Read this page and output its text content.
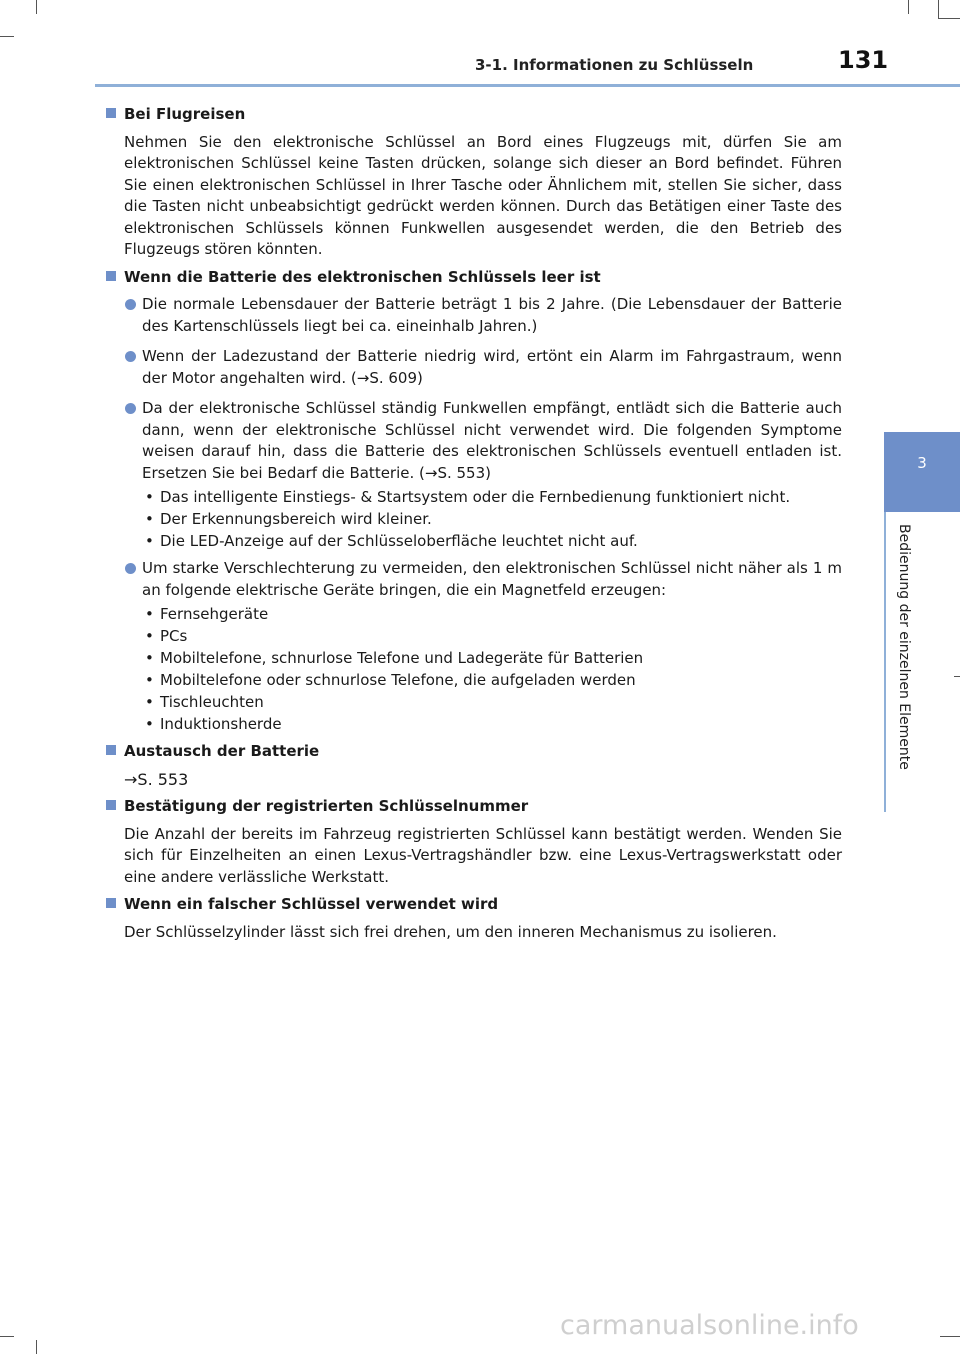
3-1. Informationen zu Schlüsseln	131
3
Bedienung der einzelnen Elemente
Bei Flugreisen
Nehmen Sie den elektronische Schlüssel an Bord eines Flugzeugs mit, dürfen Sie am elektronischen Schlüssel keine Tasten drücken, solange sich dieser an Bord befindet. Führen Sie einen elektronischen Schlüssel in Ihrer Tasche oder Ähnlichem mit, stellen Sie sicher, dass die Tasten nicht unbeabsichtigt gedrückt werden können. Durch das Betätigen einer Taste des elektronischen Schlüssels können Funkwellen ausgesendet werden, die den Betrieb des Flugzeugs stören könnten.
Wenn die Batterie des elektronischen Schlüssels leer ist
Die normale Lebensdauer der Batterie beträgt 1 bis 2 Jahre. (Die Lebensdauer der Batterie des Kartenschlüssels liegt bei ca. eineinhalb Jahren.)
Wenn der Ladezustand der Batterie niedrig wird, ertönt ein Alarm im Fahrgastraum, wenn der Motor angehalten wird. (→S. 609)
Da der elektronische Schlüssel ständig Funkwellen empfängt, entlädt sich die Batterie auch dann, wenn der elektronische Schlüssel nicht verwendet wird. Die folgenden Symptome weisen darauf hin, dass die Batterie des elektronischen Schlüssels eventuell entladen ist. Ersetzen Sie bei Bedarf die Batterie. (→S. 553)
• Das intelligente Einstiegs- & Startsystem oder die Fernbedienung funktioniert nicht.
• Der Erkennungsbereich wird kleiner.
• Die LED-Anzeige auf der Schlüsseloberfläche leuchtet nicht auf.
Um starke Verschlechterung zu vermeiden, den elektronischen Schlüssel nicht näher als 1 m an folgende elektrische Geräte bringen, die ein Magnetfeld erzeugen:
• Fernsehgeräte
• PCs
• Mobiltelefone, schnurlose Telefone und Ladegeräte für Batterien
• Mobiltelefone oder schnurlose Telefone, die aufgeladen werden
• Tischleuchten
• Induktionsherde
Austausch der Batterie
→S. 553
Bestätigung der registrierten Schlüsselnummer
Die Anzahl der bereits im Fahrzeug registrierten Schlüssel kann bestätigt werden. Wenden Sie sich für Einzelheiten an einen Lexus-Vertragshändler bzw. eine Lexus-Vertragswerkstatt oder eine andere verlässliche Werkstatt.
Wenn ein falscher Schlüssel verwendet wird
Der Schlüsselzylinder lässt sich frei drehen, um den inneren Mechanismus zu isolieren.
carmanualsonline.info
